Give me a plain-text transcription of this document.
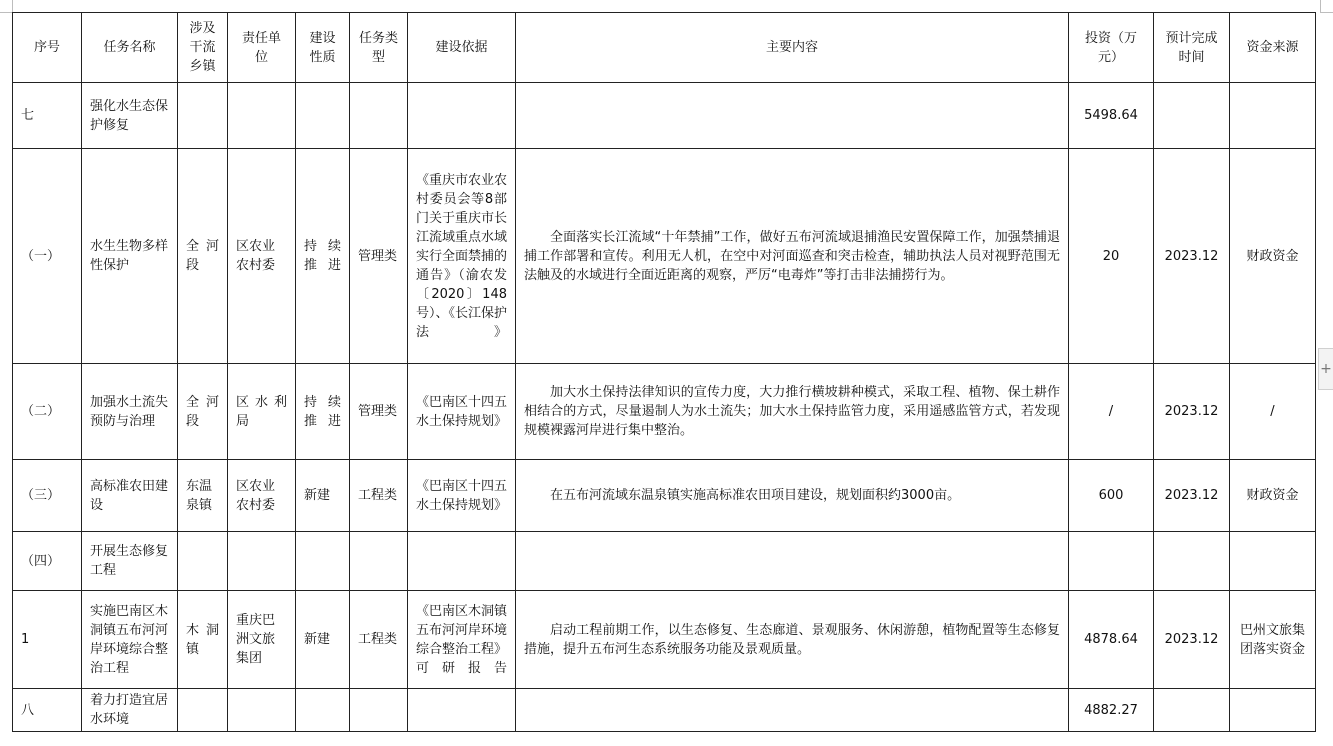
序号	任务名称	涉及干流乡镇	责任单位	建设性质	任务类型	建设依据	主要内容	投资（万元）	预计完成时间	资金来源
七	强化水生态保护修复							5498.64		
（一）	水生生物多样性保护	全河段	区农业农村委	持续推进	管理类	《重庆市农业农村委员会等8部门关于重庆市长江流域重点水域实行全面禁捕的通告》（渝农发〔2020〕148号）、《长江保护法》	全面落实长江流域“十年禁捕”工作，做好五布河流域退捕渔民安置保障工作，加强禁捕退捕工作部署和宣传。利用无人机，在空中对河面巡查和突击检查，辅助执法人员对视野范围无法触及的水域进行全面近距离的观察，严厉“电毒炸”等打击非法捕捞行为。	20	2023.12	财政资金
（二）	加强水土流失预防与治理	全河段	区水利局	持续推进	管理类	《巴南区十四五水土保持规划》	加大水土保持法律知识的宣传力度，大力推行横坡耕种模式，采取工程、植物、保土耕作相结合的方式，尽量遏制人为水土流失；加大水土保持监管力度，采用遥感监管方式，若发现规模裸露河岸进行集中整治。	/	2023.12	/
（三）	高标准农田建设	东温泉镇	区农业农村委	新建	工程类	《巴南区十四五水土保持规划》	在五布河流域东温泉镇实施高标准农田项目建设，规划面积约3000亩。	600	2023.12	财政资金
（四）	开展生态修复工程									
1	实施巴南区木洞镇五布河河岸环境综合整治工程	木洞镇	重庆巴洲文旅集团	新建	工程类	《巴南区木洞镇五布河河岸环境综合整治工程》可研报告	启动工程前期工作，以生态修复、生态廊道、景观服务、休闲游憩，植物配置等生态修复措施，提升五布河生态系统服务功能及景观质量。	4878.64	2023.12	巴州文旅集团落实资金
八	着力打造宜居水环境							4882.27		
+
